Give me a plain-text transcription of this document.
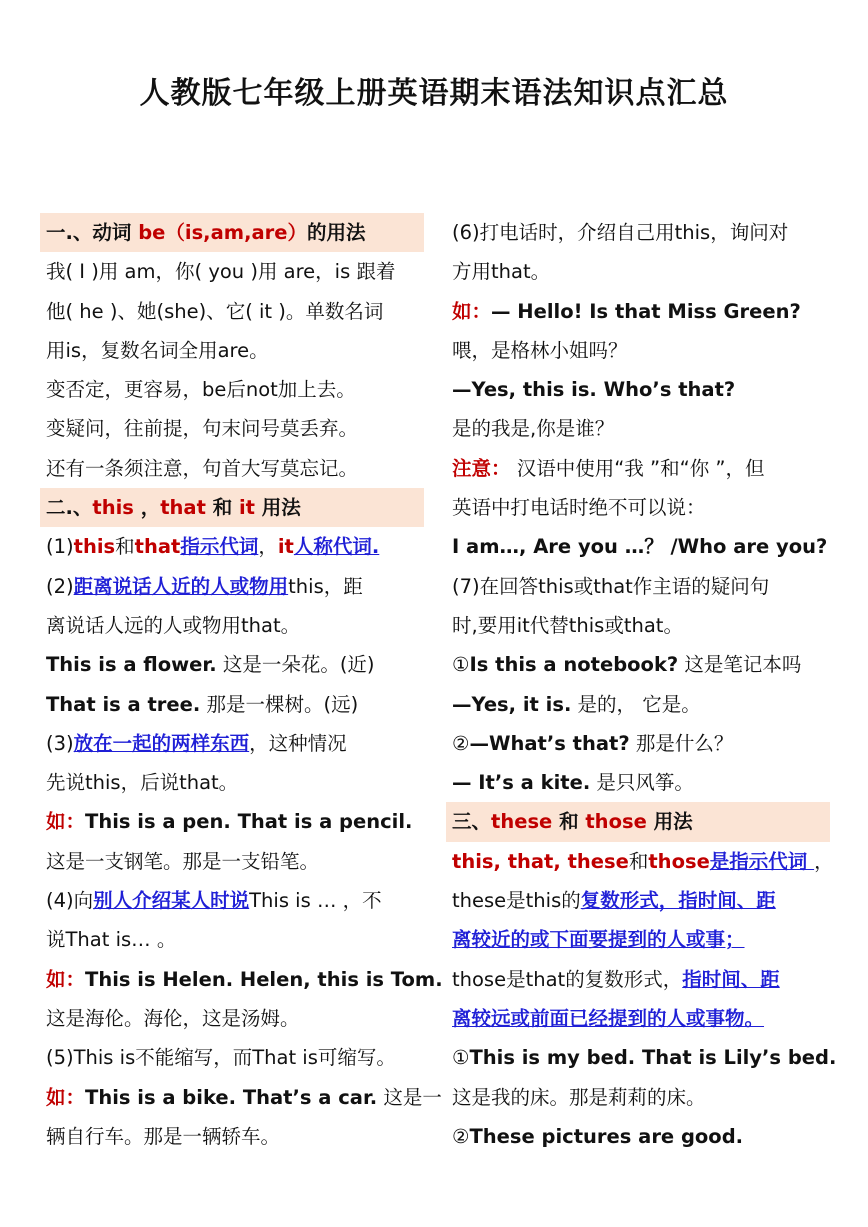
人教版七年级上册英语期末语法知识点汇总
一.、动词 be（is,am,are）的用法
我( I )用 am，你( you )用 are，is 跟着
他( he )、她(she)、它( it )。单数名词
用is，复数名词全用are。
变否定，更容易，be后not加上去。
变疑问，往前提，句末问号莫丢弃。
还有一条须注意，句首大写莫忘记。
二.、this ，that 和 it 用法
(1)this和that指示代词，it人称代词.
(2)距离说话人近的人或物用this，距
离说话人远的人或物用that。
This is a flower. 这是一朵花。(近)
That is a tree. 那是一棵树。(远)
(3)放在一起的两样东西，这种情况
先说this，后说that。
如：This is a pen. That is a pencil.
这是一支钢笔。那是一支铅笔。
(4)向别人介绍某人时说This is … ，不
说That is… 。
如：This is Helen. Helen, this is Tom.
这是海伦。海伦，这是汤姆。
(5)This is不能缩写，而That is可缩写。
如：This is a bike. That’s a car. 这是一
辆自行车。那是一辆轿车。
(6)打电话时，介绍自己用this，询问对
方用that。
如：— Hello! Is that Miss Green?
喂，是格林小姐吗？
—Yes, this is. Who’s that?
是的我是,你是谁？
注意： 汉语中使用“我 ”和“你 ”，但
英语中打电话时绝不可以说：
I am…, Are you …？ /Who are you?
(7)在回答this或that作主语的疑问句
时,要用it代替this或that。
①Is this a notebook? 这是笔记本吗
—Yes, it is. 是的， 它是。
②—What’s that? 那是什么？
— It’s a kite. 是只风筝。
三、these 和 those 用法
this, that, these和those是指示代词 ，
these是this的复数形式，指时间、距
离较近的或下面要提到的人或事；
those是that的复数形式，指时间、距
离较远或前面已经提到的人或事物。
①This is my bed. That is Lily’s bed.
这是我的床。那是莉莉的床。
②These pictures are good.
